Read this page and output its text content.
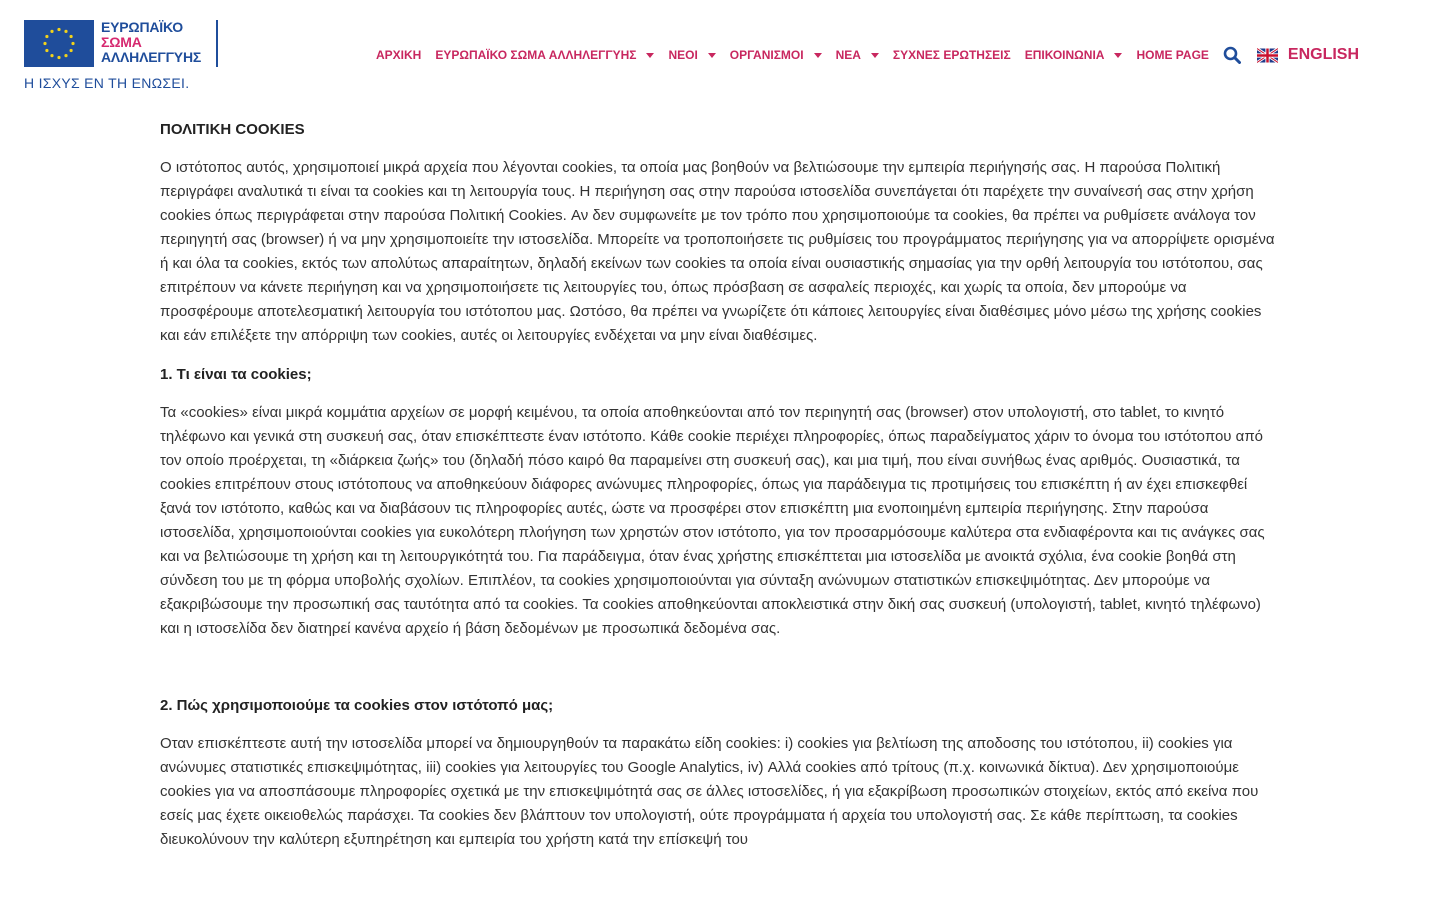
ΕΥΡΩΠΑΪΚΟ
ΣΩΜΑ
ΑΛΛΗΛΕΓΓΥΗΣ
Η ΙΣΧΥΣ ΕΝ ΤΗ ΕΝΩΣΕΙ.
ΑΡΧΙΚΗ ΕΥΡΩΠΑΪΚΟ ΣΩΜΑ ΑΛΛΗΛΕΓΓΥΗΣ	ΝΕΟΙ	ΟΡΓΑΝΙΣΜΟΙ	ΝΕΑ	ΣΥΧΝΕΣ ΕΡΩΤΗΣΕΙΣ ΕΠΙΚΟΙΝΩΝΙΑ	HOME PAGE	ENGLISH
ΠΟΛΙΤΙΚΗ COOKIES

Ο ιστότοπος αυτός, χρησιμοποιεί μικρά αρχεία που λέγονται cookies, τα οποία μας βοηθούν να βελτιώσουμε την εμπειρία περιήγησής σας. Η παρούσα Πολιτική περιγράφει αναλυτικά τι είναι τα cookies και τη λειτουργία τους. Η περιήγηση σας στην παρούσα ιστοσελίδα συνεπάγεται ότι παρέχετε την συναίνεσή σας στην χρήση cookies όπως περιγράφεται στην παρούσα Πολιτική Cookies. Αν δεν συμφωνείτε με τον τρόπο που χρησιμοποιούμε τα cookies, θα πρέπει να ρυθμίσετε ανάλογα τον περιηγητή σας (browser) ή να μην χρησιμοποιείτε την ιστοσελίδα. Μπορείτε να τροποποιήσετε τις ρυθμίσεις του προγράμματος περιήγησης για να απορρίψετε ορισμένα ή και όλα τα cookies, εκτός των απολύτως απαραίτητων, δηλαδή εκείνων των cookies τα οποία είναι ουσιαστικής σημασίας για την ορθή λειτουργία του ιστότοπου, σας επιτρέπουν να κάνετε περιήγηση και να χρησιμοποιήσετε τις λειτουργίες του, όπως πρόσβαση σε ασφαλείς περιοχές, και χωρίς τα οποία, δεν μπορούμε να προσφέρουμε αποτελεσματική λειτουργία του ιστότοπου μας. Ωστόσο, θα πρέπει να γνωρίζετε ότι κάποιες λειτουργίες είναι διαθέσιμες μόνο μέσω της χρήσης cookies και εάν επιλέξετε την απόρριψη των cookies, αυτές οι λειτουργίες ενδέχεται να μην είναι διαθέσιμες.

1. Τι είναι τα cookies;

Τα «cookies» είναι μικρά κομμάτια αρχείων σε μορφή κειμένου, τα οποία αποθηκεύονται από τον περιηγητή σας (browser) στον υπολογιστή, στο tablet, το κινητό τηλέφωνο και γενικά στη συσκευή σας, όταν επισκέπτεστε έναν ιστότοπο. Κάθε cookie περιέχει πληροφορίες, όπως παραδείγματος χάριν το όνομα του ιστότοπου από τον οποίο προέρχεται, τη «διάρκεια ζωής» του (δηλαδή πόσο καιρό θα παραμείνει στη συσκευή σας), και μια τιμή, που είναι συνήθως ένας αριθμός. Ουσιαστικά, τα cookies επιτρέπουν στους ιστότοπους να αποθηκεύουν διάφορες ανώνυμες πληροφορίες, όπως για παράδειγμα τις προτιμήσεις του επισκέπτη ή αν έχει επισκεφθεί ξανά τον ιστότοπο, καθώς και να διαβάσουν τις πληροφορίες αυτές, ώστε να προσφέρει στον επισκέπτη μια ενοποιημένη εμπειρία περιήγησης. Στην παρούσα ιστοσελίδα, χρησιμοποιούνται cookies για ευκολότερη πλοήγηση των χρηστών στον ιστότοπο, για τον προσαρμόσουμε καλύτερα στα ενδιαφέροντα και τις ανάγκες σας και να βελτιώσουμε τη χρήση και τη λειτουργικότητά του. Για παράδειγμα, όταν ένας χρήστης επισκέπτεται μια ιστοσελίδα με ανοικτά σχόλια, ένα cookie βοηθά στη σύνδεση του με τη φόρμα υποβολής σχολίων. Επιπλέον, τα cookies χρησιμοποιούνται για σύνταξη ανώνυμων στατιστικών επισκεψιμότητας. Δεν μπορούμε να εξακριβώσουμε την προσωπική σας ταυτότητα από τα cookies. Τα cookies αποθηκεύονται αποκλειστικά στην δική σας συσκευή (υπολογιστή, tablet, κινητό τηλέφωνο) και η ιστοσελίδα δεν διατηρεί κανένα αρχείο ή βάση δεδομένων με προσωπικά δεδομένα σας.

2. Πώς χρησιμοποιούμε τα cookies στον ιστότοπό μας;

Οταν επισκέπτεστε αυτή την ιστοσελίδα μπορεί να δημιουργηθούν τα παρακάτω είδη cookies: i) cookies για βελτίωση της αποδοσης του ιστότοπου, ii) cookies για ανώνυμες στατιστικές επισκεψιμότητας, iii) cookies για λειτουργίες του Google Analytics, iv) Αλλά cookies από τρίτους (π.χ. κοινωνικά δίκτυα). Δεν χρησιμοποιούμε cookies για να αποσπάσουμε πληροφορίες σχετικά με την επισκεψιμότητά σας σε άλλες ιστοσελίδες, ή για εξακρίβωση προσωπικών στοιχείων, εκτός από εκείνα που εσείς μας έχετε οικειοθελώς παράσχει. Τα cookies δεν βλάπτουν τον υπολογιστή, ούτε προγράμματα ή αρχεία του υπολογιστή σας. Σε κάθε περίπτωση, τα cookies διευκολύνουν την καλύτερη εξυπηρέτηση και εμπειρία του χρήστη κατά την επίσκεψή του
